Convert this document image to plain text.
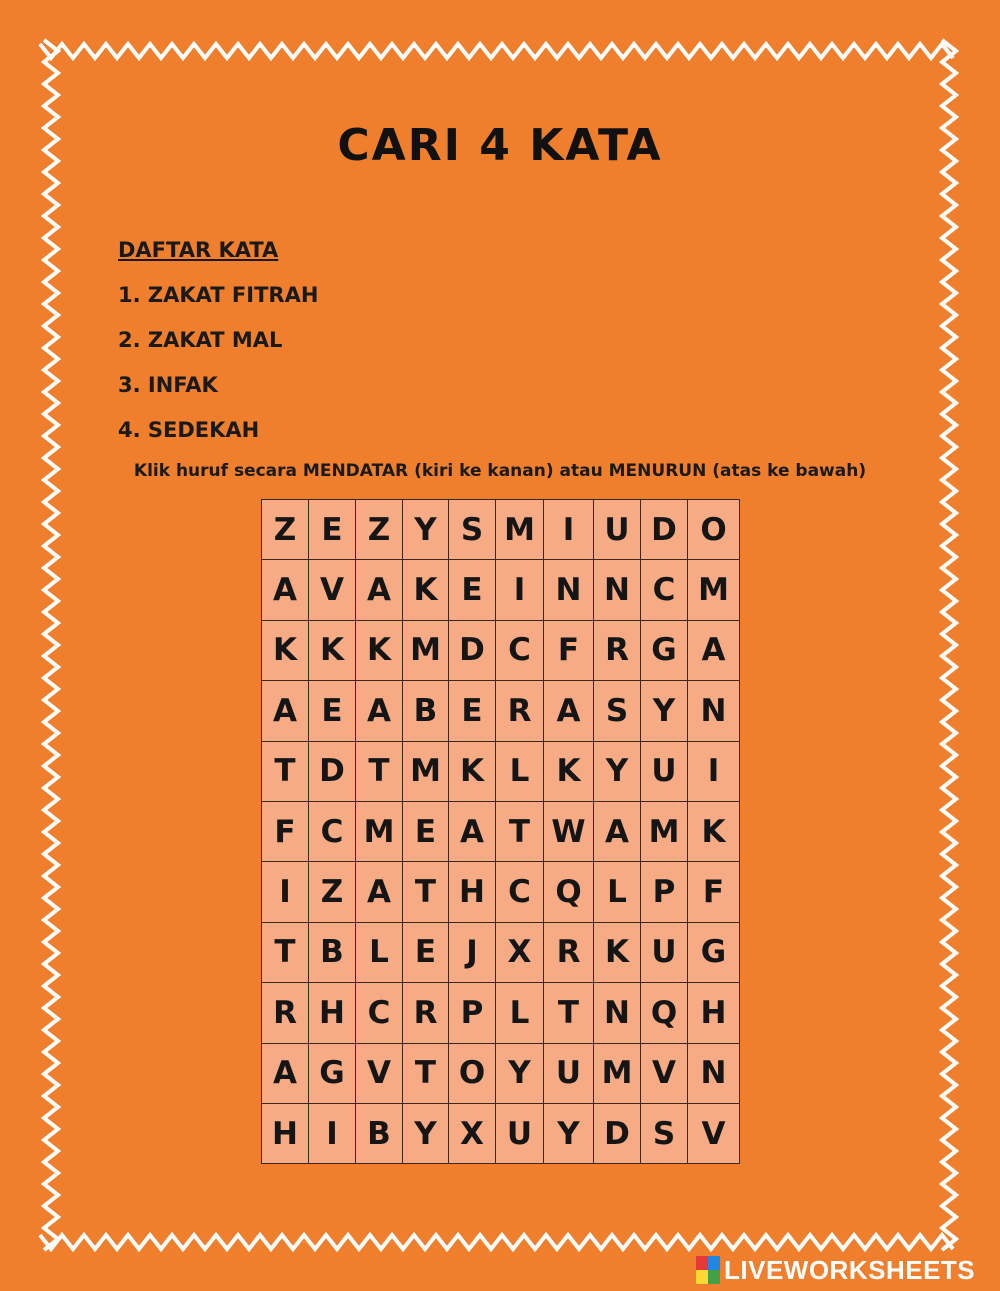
CARI 4 KATA
DAFTAR KATA
1. ZAKAT FITRAH
2. ZAKAT MAL
3. INFAK
4. SEDEKAH
Klik huruf secara MENDATAR (kiri ke kanan) atau MENURUN (atas ke bawah)
Z E Z Y S M I U D O
A V A K E	I N N C M
K K K M D C F R G A
A E A B E R A S Y N
T D T M K L K Y U	I
F C M E A T W A M K
I Z A T H C Q L P F
T B L E J X R K U G
R H C R P L T N Q H
A G V T O Y U M V N
H I B Y X U Y D S V
LIVEWORKSHEETS
